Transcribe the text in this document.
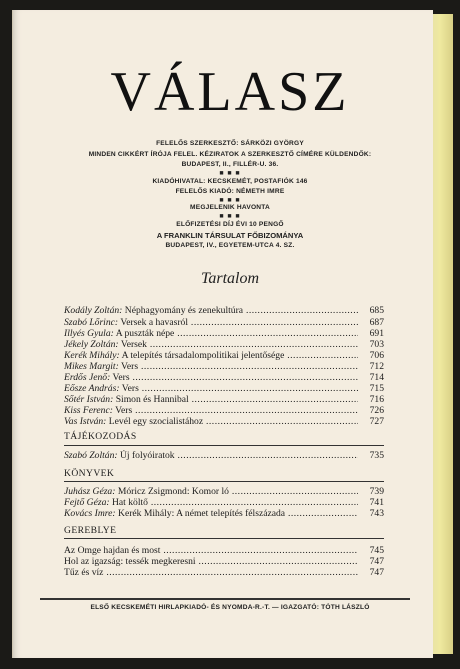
VÁLASZ
FELELŐS SZERKESZTŐ: SÁRKÖZI GYÖRGY
MINDEN CIKKÉRT ÍRÓJA FELEL. KÉZIRATOK A SZERKESZTŐ CÍMÉRE KÜLDENDŐK:
BUDAPEST, II., FILLÉR-U. 36.
■ ■ ■
KIADÓHIVATAL: KECSKEMÉT, POSTAFIÓK 146
FELELŐS KIADÓ: NÉMETH IMRE
■ ■ ■
MEGJELENIK HAVONTA
■ ■ ■
ELŐFIZETÉSI DÍJ ÉVI 10 PENGŐ
A FRANKLIN TÁRSULAT FŐBIZOMÁNYA
BUDAPEST, IV., EGYETEM-UTCA 4. SZ.
Tartalom
Kodály Zoltán: Néphagyomány és zenekultúra .....	685
Szabó Lőrinc: Versek a havasról .....	687
Illyés Gyula: A puszták népe .....	691
Jékely Zoltán: Versek .....	703
Kerék Mihály: A telepítés társadalompolitikai jelentősége .....	706
Mikes Margit: Vers .....	712
Erdős Jenő: Vers .....	714
Eősze András: Vers .....	715
Sőtér István: Simon és Hannibal .....	716
Kiss Ferenc: Vers .....	726
Vas István: Levél egy szocialistához .....	727
TÁJÉKOZODÁS
Szabó Zoltán: Új folyóiratok .....	735
KÖNYVEK
Juhász Géza: Móricz Zsigmond: Komor ló .....	739
Fejtő Géza: Hat költő .....	741
Kovács Imre: Kerék Mihály: A német telepítés félszázada .....	743
GEREBLYE
Az Omge hajdan és most .....	745
Hol az igazság: tessék megkeresni .....	747
Tűz és víz .....	747
ELSŐ KECSKEMÉTI HIRLAPKIADÓ- ÉS NYOMDA-R.-T. — IGAZGATÓ: TÓTH LÁSZLÓ
